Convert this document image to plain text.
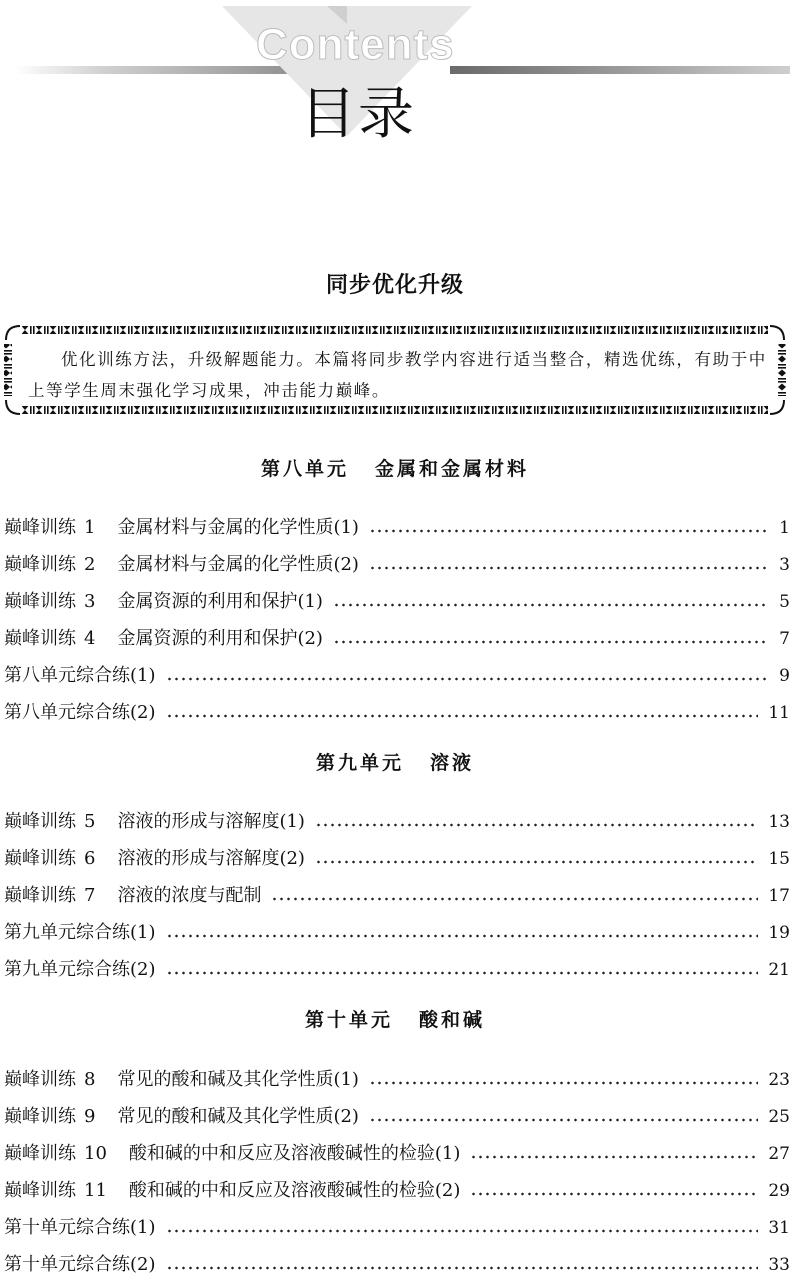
Contents
目录
同步优化升级
优化训练方法，升级解题能力。本篇将同步教学内容进行适当整合，精选优练，有助于中上等学生周末强化学习成果，冲击能力巅峰。
第八单元 金属和金属材料
巅峰训练 1 金属材料与金属的化学性质(1)	1
巅峰训练 2 金属材料与金属的化学性质(2)	3
巅峰训练 3 金属资源的利用和保护(1)	5
巅峰训练 4 金属资源的利用和保护(2)	7
第八单元综合练(1)	9
第八单元综合练(2)	11
第九单元 溶液
巅峰训练 5 溶液的形成与溶解度(1)	13
巅峰训练 6 溶液的形成与溶解度(2)	15
巅峰训练 7 溶液的浓度与配制	17
第九单元综合练(1)	19
第九单元综合练(2)	21
第十单元 酸和碱
巅峰训练 8 常见的酸和碱及其化学性质(1)	23
巅峰训练 9 常见的酸和碱及其化学性质(2)	25
巅峰训练 10 酸和碱的中和反应及溶液酸碱性的检验(1)	27
巅峰训练 11 酸和碱的中和反应及溶液酸碱性的检验(2)	29
第十单元综合练(1)	31
第十单元综合练(2)	33
